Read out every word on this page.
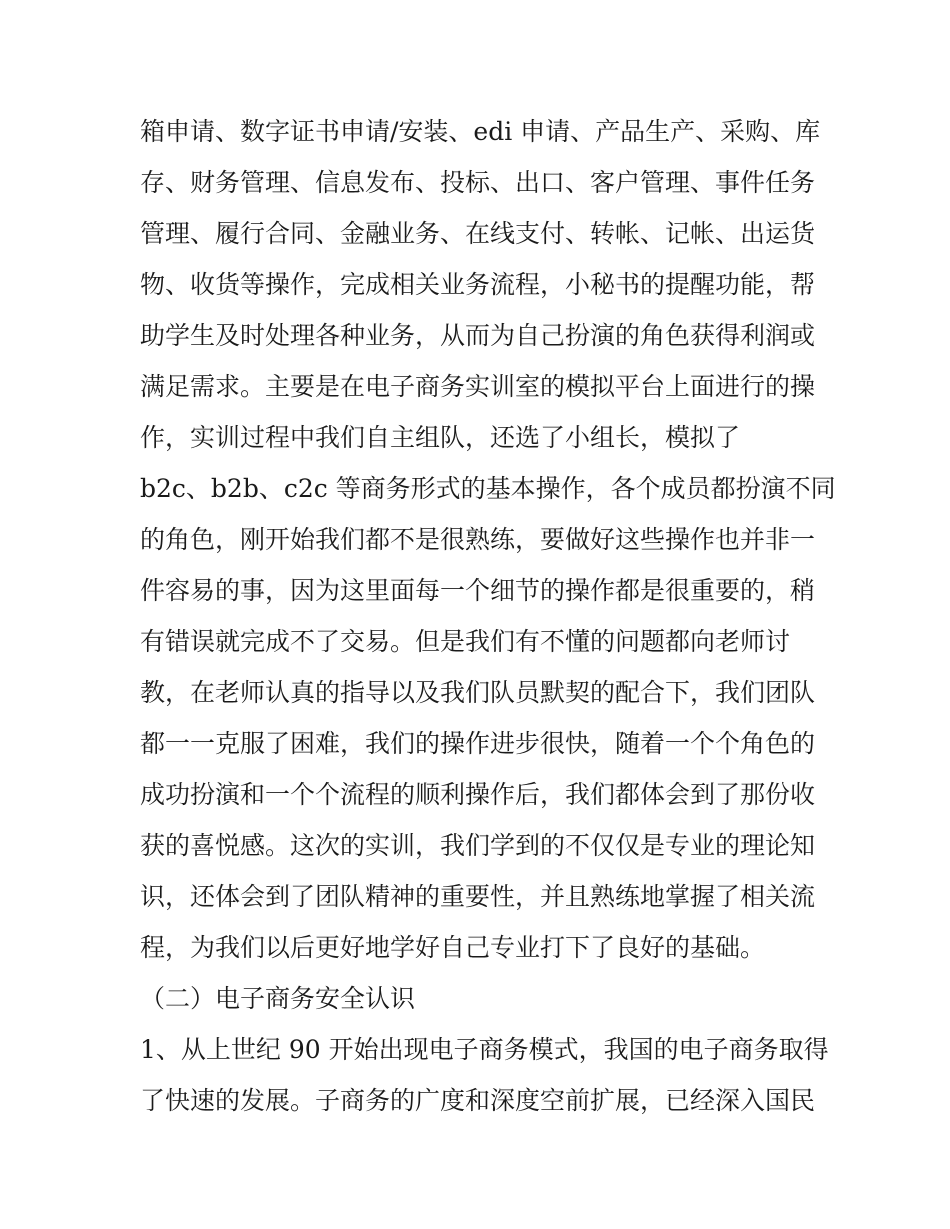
箱申请、数字证书申请/安装、edi 申请、产品生产、采购、库
存、财务管理、信息发布、投标、出口、客户管理、事件任务
管理、履行合同、金融业务、在线支付、转帐、记帐、出运货
物、收货等操作，完成相关业务流程，小秘书的提醒功能，帮
助学生及时处理各种业务，从而为自己扮演的角色获得利润或
满足需求。主要是在电子商务实训室的模拟平台上面进行的操
作，实训过程中我们自主组队，还选了小组长，模拟了
b2c、b2b、c2c 等商务形式的基本操作，各个成员都扮演不同
的角色，刚开始我们都不是很熟练，要做好这些操作也并非一
件容易的事，因为这里面每一个细节的操作都是很重要的，稍
有错误就完成不了交易。但是我们有不懂的问题都向老师讨
教，在老师认真的指导以及我们队员默契的配合下，我们团队
都一一克服了困难，我们的操作进步很快，随着一个个角色的
成功扮演和一个个流程的顺利操作后，我们都体会到了那份收
获的喜悦感。这次的实训，我们学到的不仅仅是专业的理论知
识，还体会到了团队精神的重要性，并且熟练地掌握了相关流
程，为我们以后更好地学好自己专业打下了良好的基础。
（二）电子商务安全认识
1、从上世纪 90 开始出现电子商务模式，我国的电子商务取得
了快速的发展。子商务的广度和深度空前扩展，已经深入国民
